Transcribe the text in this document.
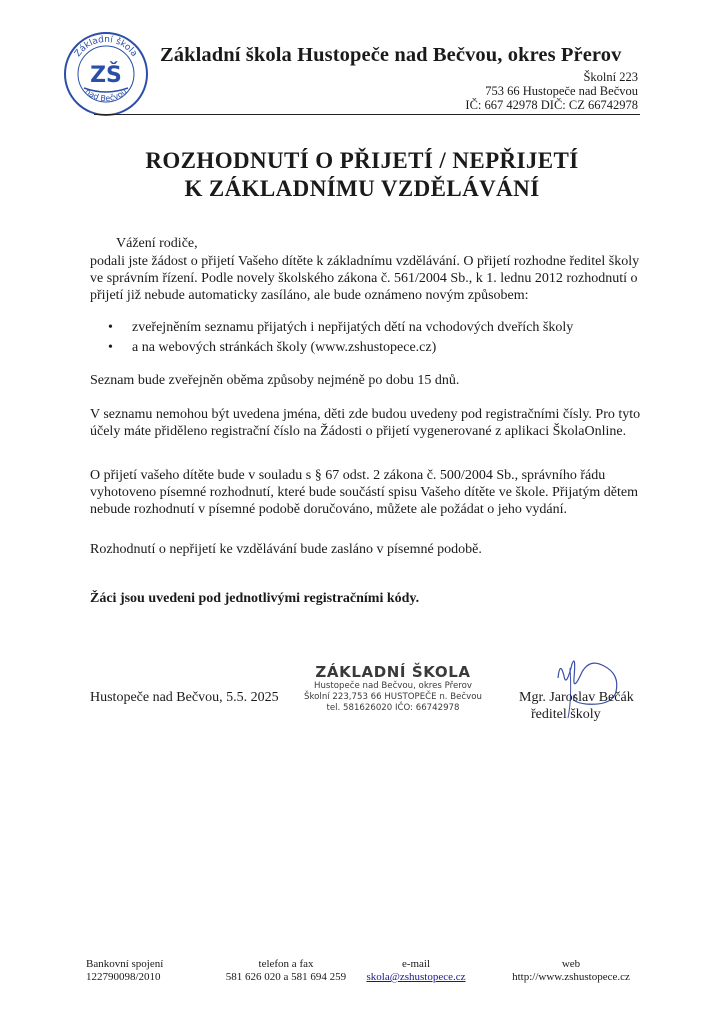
Základní škola
nad Bečvou
ZŠ
Základní škola Hustopeče nad Bečvou, okres Přerov
Školní 223
753 66 Hustopeče nad Bečvou
IČ: 667 42978 DIČ: CZ 66742978
ROZHODNUTÍ O PŘIJETÍ / NEPŘIJETÍ
K ZÁKLADNÍMU VZDĚLÁVÁNÍ
Vážení rodiče,
podali jste žádost o přijetí Vašeho dítěte k základnímu vzdělávání. O přijetí rozhodne ředitel školy ve správním řízení. Podle novely školského zákona č. 561/2004 Sb., k 1. lednu 2012 rozhodnutí o přijetí již nebude automaticky zasíláno, ale bude oznámeno novým způsobem:
• zveřejněním seznamu přijatých i nepřijatých dětí na vchodových dveřích školy
• a na webových stránkách školy (www.zshustopece.cz)
Seznam bude zveřejněn oběma způsoby nejméně po dobu 15 dnů.
V seznamu nemohou být uvedena jména, děti zde budou uvedeny pod registračními čísly. Pro tyto účely máte přiděleno registrační číslo na Žádosti o přijetí vygenerované z aplikaci ŠkolaOnline.
O přijetí vašeho dítěte bude v souladu s § 67 odst. 2 zákona č. 500/2004 Sb., správního řádu vyhotoveno písemné rozhodnutí, které bude součástí spisu Vašeho dítěte ve škole. Přijatým dětem nebude rozhodnutí v písemné podobě doručováno, můžete ale požádat o jeho vydání.
Rozhodnutí o nepřijetí ke vzdělávání bude zasláno v písemné podobě.
Žáci jsou uvedeni pod jednotlivými registračními kódy.
Hustopeče nad Bečvou, 5.5. 2025
ZÁKLADNÍ ŠKOLA
Hustopeče nad Bečvou, okres Přerov
Školní 223,753 66 HUSTOPEČE n. Bečvou
tel. 581626020 IČO: 66742978
Mgr. Jaroslav Bečák
ředitel školy
Bankovní spojení
122790098/2010
telefon a fax
581 626 020 a 581 694 259
e-mail
skola@zshustopece.cz
web
http://www.zshustopece.cz
